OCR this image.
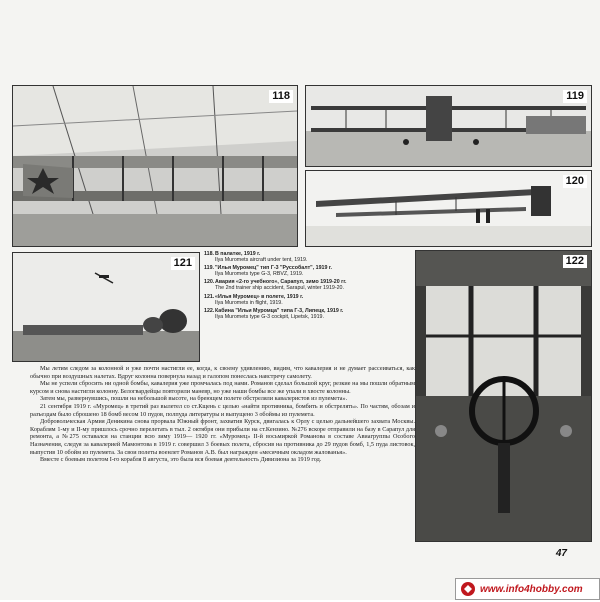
118	119
120
121	122
118. В палатке, 1919 г.
Ilya Muromets aircraft under tent, 1919.
119. "Илья Муромец" тип Г-3 "Руссобалт", 1919 г.
Ilya Muromets type G-3, RBVZ, 1919.
120. Авария «2-го учебного», Сарапул, зимо 1919-20 гг.
The 2nd trainer ship accident, Sarapul, winter 1919-20.
121. «Илья Муромец» в полете, 1919 г.
Ilya Muromets in flight, 1919.
122. Кабина "Ильи Муромца" типа Г-3, Липецк, 1919 г.
Ilya Muromets type G-3 cockpit, Lipetsk, 1919.

Мы летим следом за колонной и уже почти настигли ее, когда, к своему удивлению, видим, что кавалерия и не думает рассеиваться, как обычно при воздушных налетах. Вдруг колонна повернула назад и галопом понеслась навстречу самолету.

Мы не успели сбросить ни одной бомбы, кавалерия уже промчалась под нами. Романов сделал большой круг, резкие на мы пошли обратным курсом и снова настигли колонну. Белогвардейцы повторили маневр, но уже наши бомбы все же упали в хвосте колонны.

Затем мы, развернувшись, пошли на небольшой высоте, на бреющем полете обстреляли кавалеристов из пулемета».

21 сентября 1919 г. «Муромец» в третий раз вылетел со ст.Кщень с целью «найти противника, бомбить и обстрелять». По частям, обозам и разъездам было сброшено 18 бомб весом 10 пудов, полпуда литературы и выпущено 3 обоймы из пулемета.

Добровольческая Армия Деникина снова прорвала Южный фронт, захватив Курск, двигалась к Орлу с целью дальнейшего захвата Москвы. Кораблям 1-му и II-му пришлось срочно перелетать в тыл. 2 октября они прибыли на ст.Кензино. №276 вскоре отправили на базу в Сарапул для ремонта, а №275 оставался на станции всю зиму 1919— 1920 гг. «Муромец» II-й восьмиркой Романова в составе Авиагруппы Особого Назначения, следуя за кавалерией Мамонтова в 1919 г. совершил 3 боевых полета, сбросив на противника до 29 пудов бомб, 1,5 пуда листовок, выпустив 10 обойм из пулемета. За свои полеты военлет Романов А.В. был награжден «месячным окладом жалованья».

Вместе с боевым полетом I-го корабля 8 августа, это была вся боевая деятельность Дивизиона за 1919 год.

47
www.info4hobby.com
